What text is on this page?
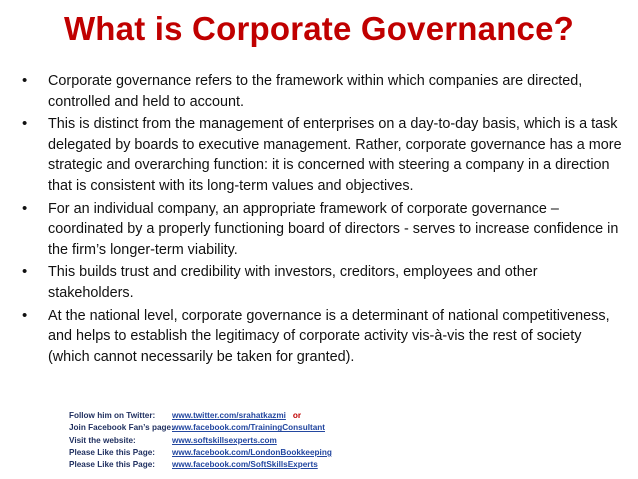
What is Corporate Governance?
•	Corporate governance refers to the framework within which companies are directed, controlled and held to account.
•	This is distinct from the management of enterprises on a day-to-day basis, which is a task delegated by boards to executive management. Rather, corporate governance has a more strategic and overarching function: it is concerned with steering a company in a direction that is consistent with its long-term values and objectives.
•	For an individual company, an appropriate framework of corporate governance – coordinated by a properly functioning board of directors - serves to increase confidence in the firm’s longer-term viability.
•	This builds trust and credibility with investors, creditors, employees and other stakeholders.
•	At the national level, corporate governance is a determinant of national competitiveness, and helps to establish the legitimacy of corporate activity vis-à-vis the rest of society (which cannot necessarily be taken for granted).
Follow him on Twitter:	www.twitter.com/srahatkazmi or
Join Facebook Fan’s page:
www.facebook.com/TrainingConsultant
Visit the website:	www.softskillsexperts.com
Please Like this Page:	www.facebook.com/LondonBookkeeping
Please Like this Page:	www.facebook.com/SoftSkillsExperts
